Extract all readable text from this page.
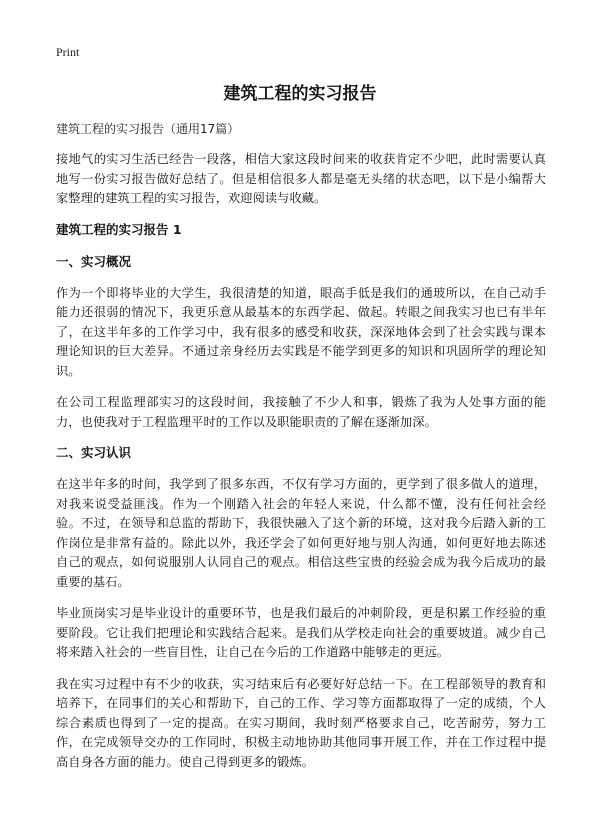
Print
建筑工程的实习报告
建筑工程的实习报告（通用17篇）

接地气的实习生活已经告一段落，相信大家这段时间来的收获肯定不少吧，此时需要认真地写一份实习报告做好总结了。但是相信很多人都是毫无头绪的状态吧，以下是小编帮大家整理的建筑工程的实习报告，欢迎阅读与收藏。

建筑工程的实习报告 1
一、实习概况

作为一个即将毕业的大学生，我很清楚的知道，眼高手低是我们的通玻所以，在自己动手能力还很弱的情况下，我更乐意从最基本的东西学起、做起。转眼之间我实习也已有半年了，在这半年多的工作学习中，我有很多的感受和收获，深深地体会到了社会实践与课本理论知识的巨大差异。不通过亲身经历去实践是不能学到更多的知识和巩固所学的理论知识。

在公司工程监理部实习的这段时间，我接触了不少人和事，锻炼了我为人处事方面的能力，也使我对于工程监理平时的工作以及职能职责的了解在逐渐加深。

二、实习认识

在这半年多的时间，我学到了很多东西，不仅有学习方面的，更学到了很多做人的道理，对我来说受益匪浅。作为一个刚踏入社会的年轻人来说，什么都不懂，没有任何社会经验。不过，在领导和总监的帮助下，我很快融入了这个新的环境，这对我今后踏入新的工作岗位是非常有益的。除此以外，我还学会了如何更好地与别人沟通，如何更好地去陈述自己的观点，如何说服别人认同自己的观点。相信这些宝贵的经验会成为我今后成功的最重要的基石。

毕业顶岗实习是毕业设计的重要环节，也是我们最后的冲刺阶段，更是积累工作经验的重要阶段。它让我们把理论和实践结合起来。是我们从学校走向社会的重要坡道。减少自己将来踏入社会的一些盲目性，让自己在今后的工作道路中能够走的更远。

我在实习过程中有不少的收获，实习结束后有必要好好总结一下。在工程部领导的教育和培养下，在同事们的关心和帮助下，自己的工作、学习等方面都取得了一定的成绩，个人综合素质也得到了一定的提高。在实习期间，我时刻严格要求自己，吃苦耐劳，努力工作，在完成领导交办的工作同时，积极主动地协助其他同事开展工作，并在工作过程中提高自身各方面的能力。使自己得到更多的锻炼。
